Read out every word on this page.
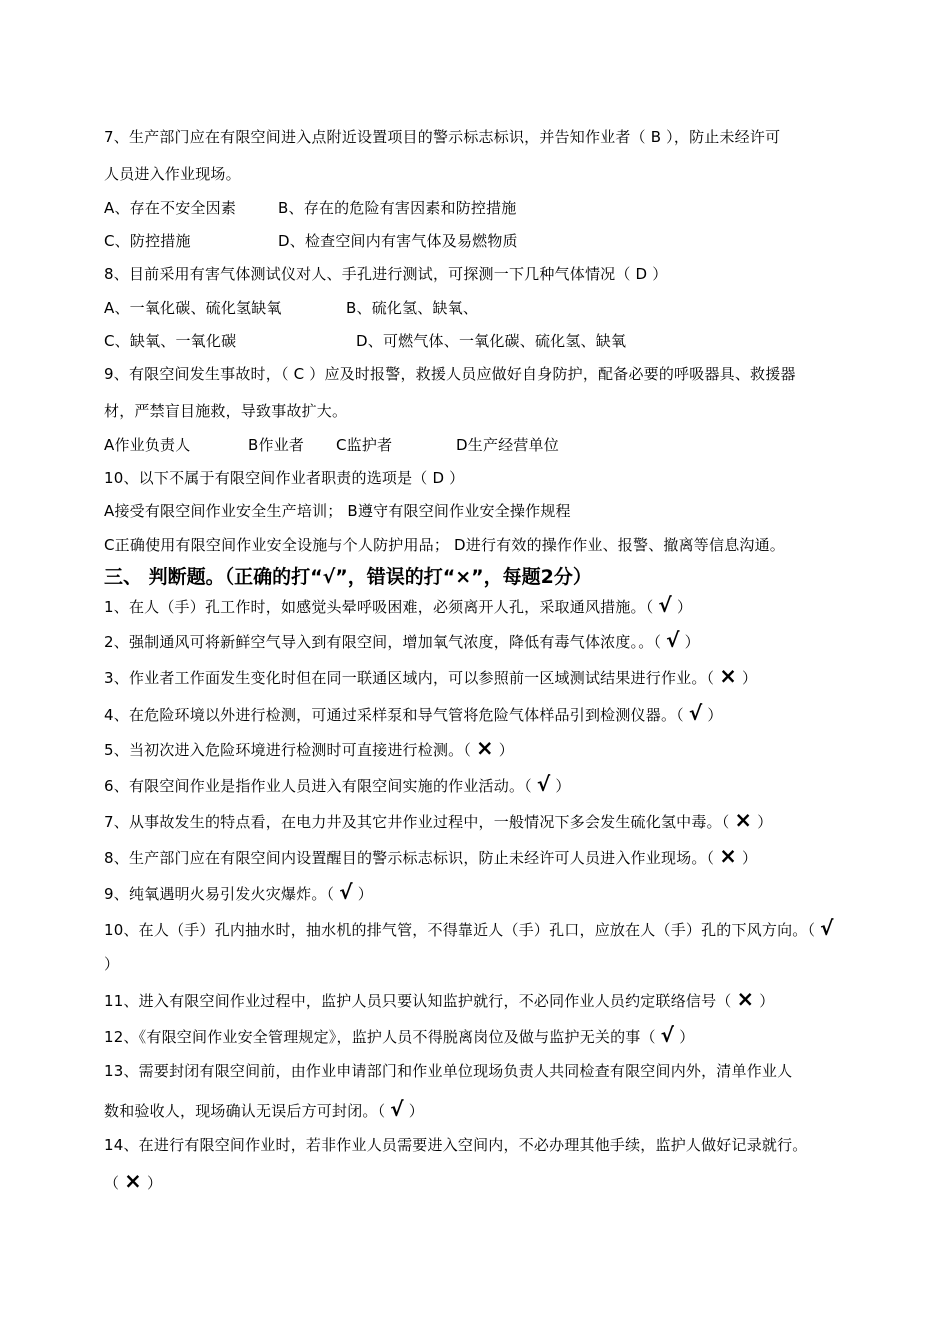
7、生产部门应在有限空间进入点附近设置项目的警示标志标识，并告知作业者（ B ），防止未经许可
人员进入作业现场。
A、存在不安全因素	B、存在的危险有害因素和防控措施
C、防控措施	D、检查空间内有害气体及易燃物质
8、目前采用有害气体测试仪对人、手孔进行测试，可探测一下几种气体情况（ D ）
A、一氧化碳、硫化氢缺氧	B、硫化氢、缺氧、
C、缺氧、一氧化碳	D、可燃气体、一氧化碳、硫化氢、缺氧
9、有限空间发生事故时，（ C ）应及时报警，救援人员应做好自身防护，配备必要的呼吸器具、救援器
材，严禁盲目施救，导致事故扩大。
A作业负责人	B作业者 C监护者	D生产经营单位
10、以下不属于有限空间作业者职责的选项是（ D ）
A接受有限空间作业安全生产培训； B遵守有限空间作业安全操作规程
C正确使用有限空间作业安全设施与个人防护用品； D进行有效的操作作业、报警、撤离等信息沟通。
三、 判断题。（正确的打“√”，错误的打“×”，每题2分）
1、在人（手）孔工作时，如感觉头晕呼吸困难，必须离开人孔，采取通风措施。（ √ ）
2、强制通风可将新鲜空气导入到有限空间，增加氧气浓度，降低有毒气体浓度。。（ √ ）
3、作业者工作面发生变化时但在同一联通区域内，可以参照前一区域测试结果进行作业。（ × ）
4、在危险环境以外进行检测，可通过采样泵和导气管将危险气体样品引到检测仪器。（ √ ）
5、当初次进入危险环境进行检测时可直接进行检测。（ × ）
6、有限空间作业是指作业人员进入有限空间实施的作业活动。（ √ ）
7、从事故发生的特点看，在电力井及其它井作业过程中，一般情况下多会发生硫化氢中毒。（ × ）
8、生产部门应在有限空间内设置醒目的警示标志标识，防止未经许可人员进入作业现场。（ × ）
9、纯氧遇明火易引发火灾爆炸。（ √ ）
10、在人（手）孔内抽水时，抽水机的排气管，不得靠近人（手）孔口，应放在人（手）孔的下风方向。（ √
）
11、进入有限空间作业过程中，监护人员只要认知监护就行，不必同作业人员约定联络信号（ × ）
12、《有限空间作业安全管理规定》，监护人员不得脱离岗位及做与监护无关的事（ √ ）
13、需要封闭有限空间前，由作业申请部门和作业单位现场负责人共同检查有限空间内外，清单作业人
数和验收人，现场确认无误后方可封闭。（ √ ）
14、在进行有限空间作业时，若非作业人员需要进入空间内，不必办理其他手续，监护人做好记录就行。
（ × ）
